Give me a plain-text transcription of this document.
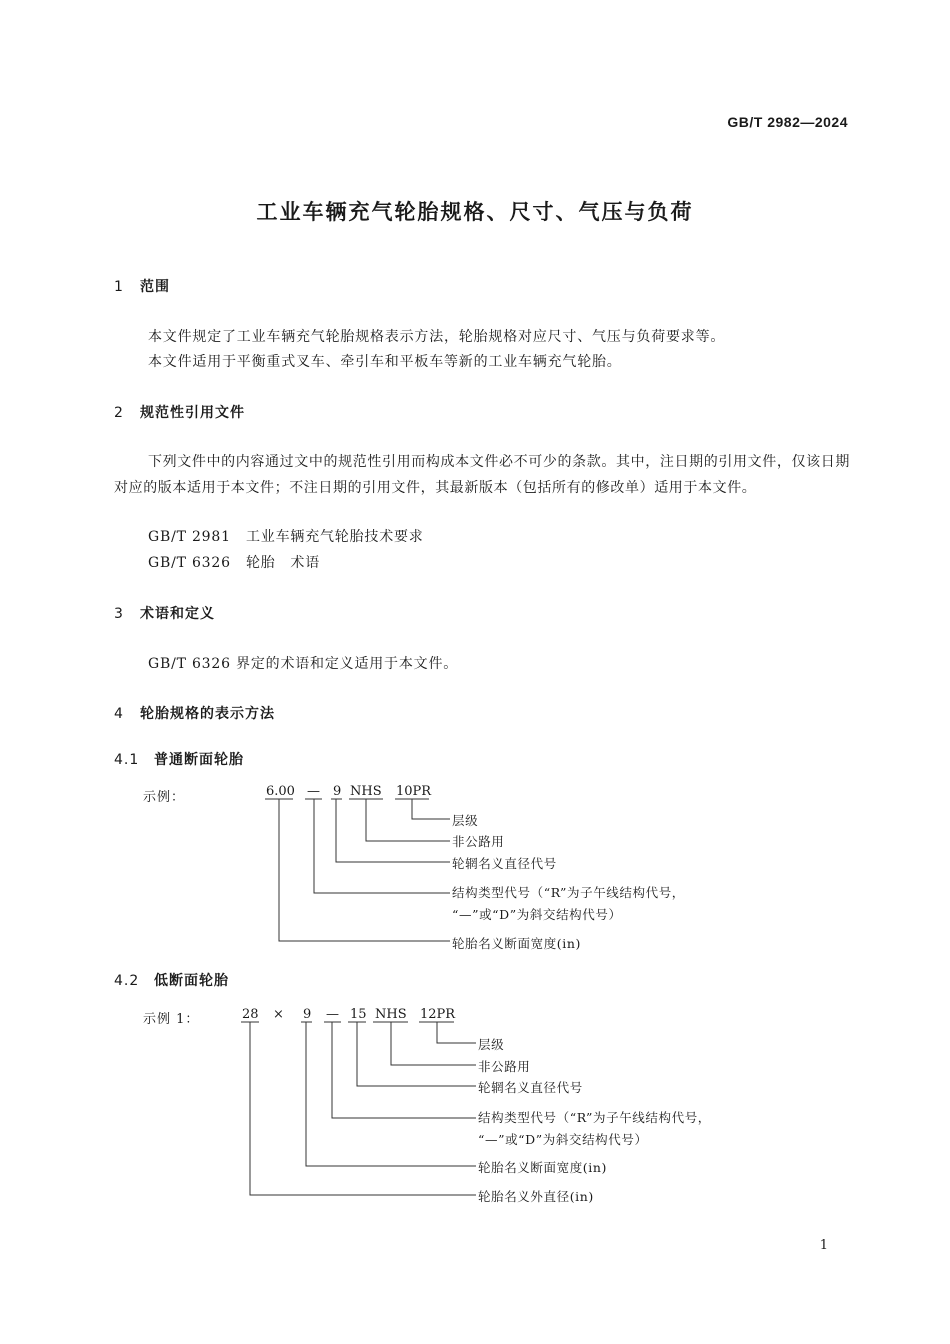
GB/T 2982—2024
工业车辆充气轮胎规格、尺寸、气压与负荷
1 范围
本文件规定了工业车辆充气轮胎规格表示方法，轮胎规格对应尺寸、气压与负荷要求等。
本文件适用于平衡重式叉车、牵引车和平板车等新的工业车辆充气轮胎。
2 规范性引用文件
下列文件中的内容通过文中的规范性引用而构成本文件必不可少的条款。其中，注日期的引用文件，仅该日期对应的版本适用于本文件；不注日期的引用文件，其最新版本（包括所有的修改单）适用于本文件。
GB/T 2981 工业车辆充气轮胎技术要求
GB/T 6326 轮胎　术语
3 术语和定义
GB/T 6326 界定的术语和定义适用于本文件。
4 轮胎规格的表示方法
4.1 普通断面轮胎
示例：	6.00 — 9 NHS 10PR
层级
非公路用
轮辋名义直径代号
结构类型代号（“R”为子午线结构代号，
“—”或“D”为斜交结构代号）
轮胎名义断面宽度(in)
4.2 低断面轮胎
示例 1：	28 × 9 — 15 NHS 12PR
层级
非公路用
轮辋名义直径代号
结构类型代号（“R”为子午线结构代号，
“—”或“D”为斜交结构代号）
轮胎名义断面宽度(in)
轮胎名义外直径(in)
1
